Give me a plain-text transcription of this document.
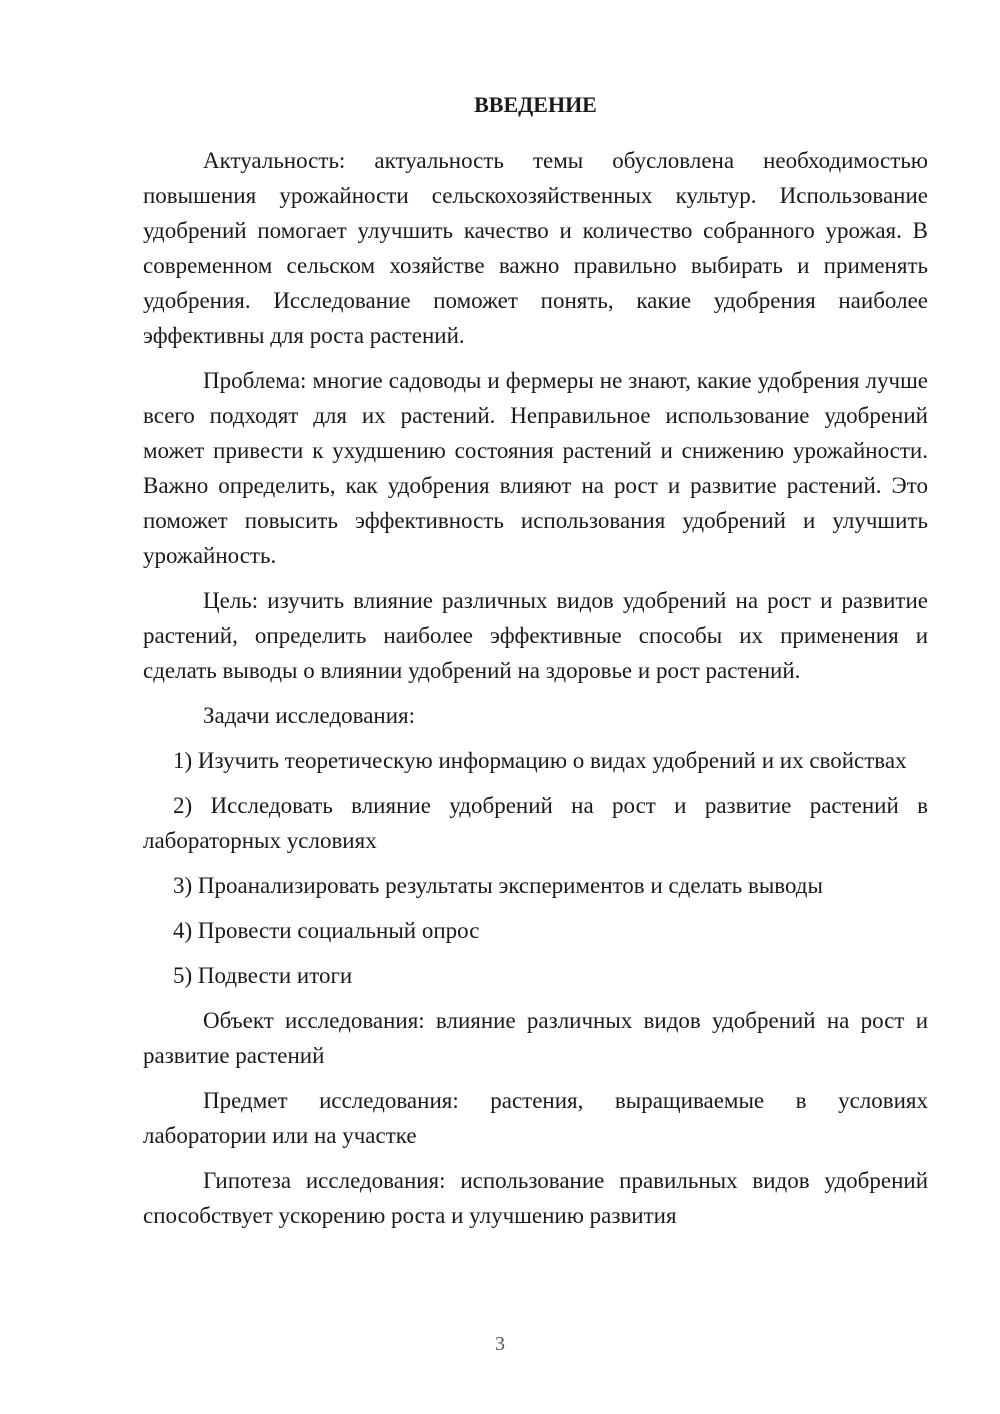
ВВЕДЕНИЕ

Актуальность: актуальность темы обусловлена необходимостью повышения урожайности сельскохозяйственных культур. Использование удобрений помогает улучшить качество и количество собранного урожая. В современном сельском хозяйстве важно правильно выбирать и применять удобрения. Исследование поможет понять, какие удобрения наиболее эффективны для роста растений.

Проблема: многие садоводы и фермеры не знают, какие удобрения лучше всего подходят для их растений. Неправильное использование удобрений может привести к ухудшению состояния растений и снижению урожайности. Важно определить, как удобрения влияют на рост и развитие растений. Это поможет повысить эффективность использования удобрений и улучшить урожайность.

Цель: изучить влияние различных видов удобрений на рост и развитие растений, определить наиболее эффективные способы их применения и сделать выводы о влиянии удобрений на здоровье и рост растений.

Задачи исследования:

1) Изучить теоретическую информацию о видах удобрений и их свойствах
2) Исследовать влияние удобрений на рост и развитие растений в лабораторных условиях
3) Проанализировать результаты экспериментов и сделать выводы
4) Провести социальный опрос
5) Подвести итоги

Объект исследования: влияние различных видов удобрений на рост и развитие растений

Предмет исследования: растения, выращиваемые в условиях лаборатории или на участке

Гипотеза исследования: использование правильных видов удобрений способствует ускорению роста и улучшению развития

3
